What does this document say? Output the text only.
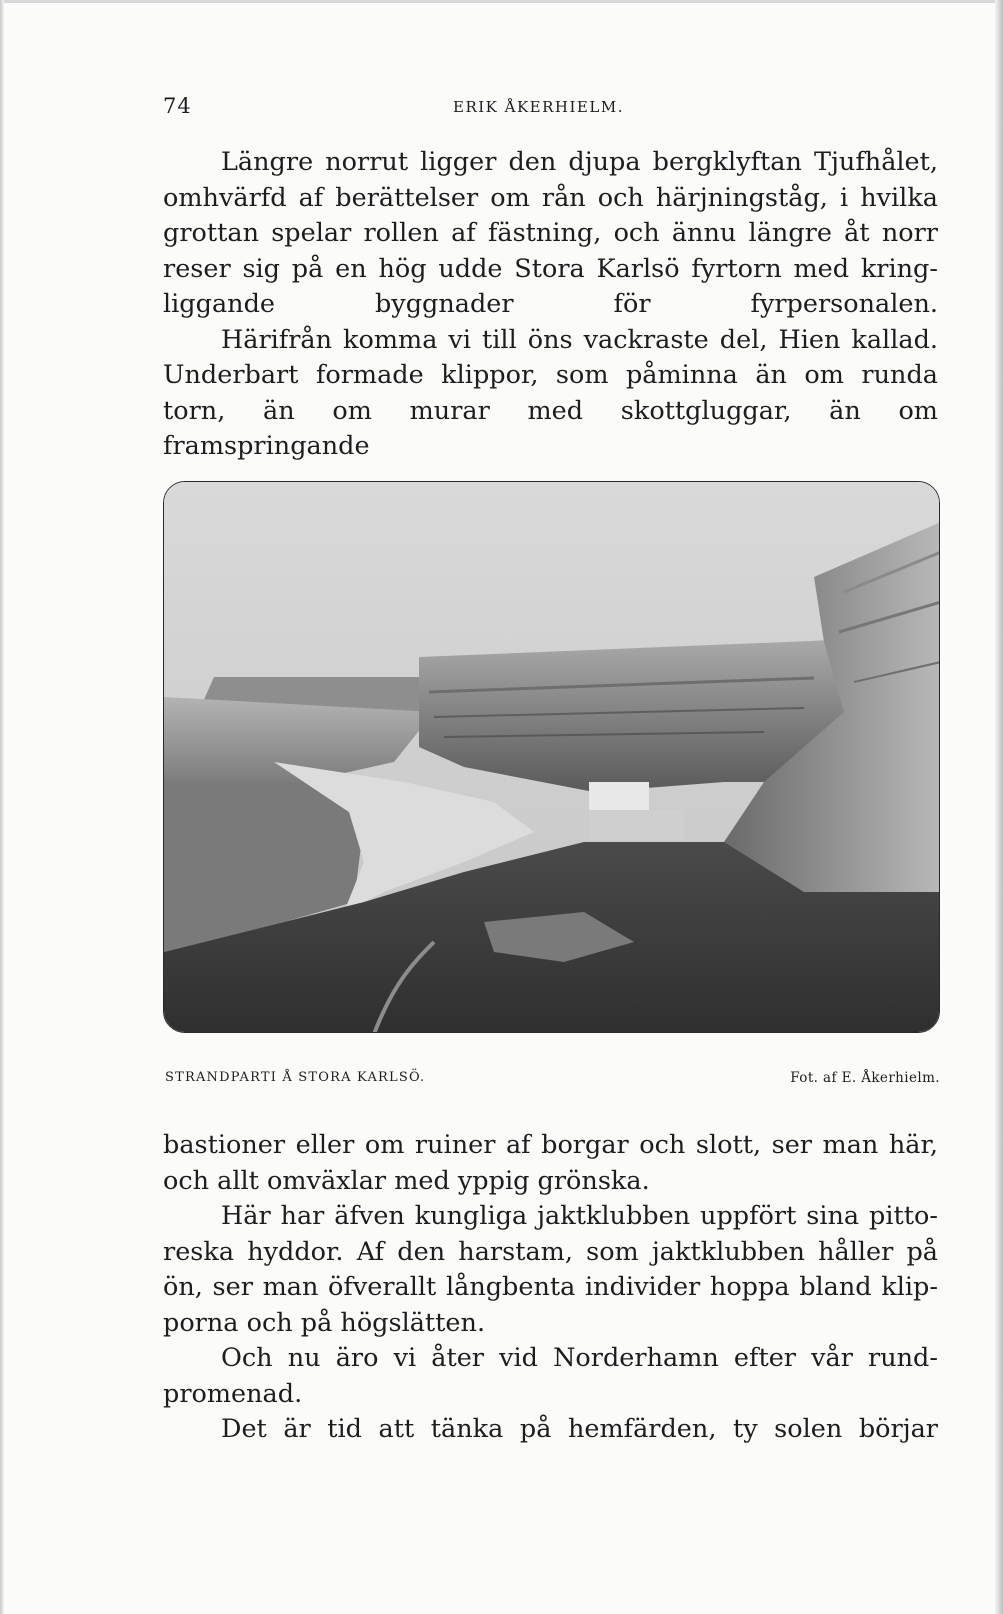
74	ERIK ÅKERHIELM.

Längre norrut ligger den djupa bergklyftan Tjufhålet, omhvärfd af berättelser om rån och härjningståg, i hvilka grottan spelar rollen af fästning, och ännu längre åt norr reser sig på en hög udde Stora Karlsö fyrtorn med kring-liggande byggnader för fyrpersonalen.

Härifrån komma vi till öns vackraste del, Hien kallad. Underbart formade klippor, som påminna än om runda torn, än om murar med skottgluggar, än om framspringande

STRANDPARTI Å STORA KARLSÖ.	Fot. af E. Åkerhielm.

bastioner eller om ruiner af borgar och slott, ser man här, och allt omväxlar med yppig grönska.

Här har äfven kungliga jaktklubben uppfört sina pitto-reska hyddor. Af den harstam, som jaktklubben håller på ön, ser man öfverallt långbenta individer hoppa bland klip-porna och på högslätten.

Och nu äro vi åter vid Norderhamn efter vår rund-promenad.

Det är tid att tänka på hemfärden, ty solen börjar
